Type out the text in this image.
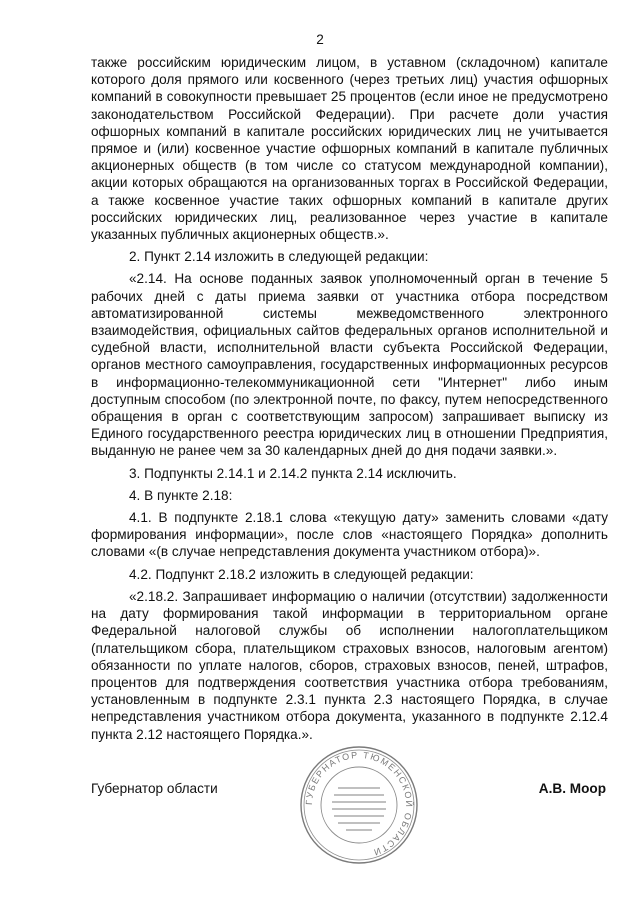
2

также российским юридическим лицом, в уставном (складочном) капитале которого доля прямого или косвенного (через третьих лиц) участия офшорных компаний в совокупности превышает 25 процентов (если иное не предусмотрено законодательством Российской Федерации). При расчете доли участия офшорных компаний в капитале российских юридических лиц не учитывается прямое и (или) косвенное участие офшорных компаний в капитале публичных акционерных обществ (в том числе со статусом международной компании), акции которых обращаются на организованных торгах в Российской Федерации, а также косвенное участие таких офшорных компаний в капитале других российских юридических лиц, реализованное через участие в капитале указанных публичных акционерных обществ.».

2. Пункт 2.14 изложить в следующей редакции:

«2.14. На основе поданных заявок уполномоченный орган в течение 5 рабочих дней с даты приема заявки от участника отбора посредством автоматизированной системы межведомственного электронного взаимодействия, официальных сайтов федеральных органов исполнительной и судебной власти, исполнительной власти субъекта Российской Федерации, органов местного самоуправления, государственных информационных ресурсов в информационно-телекоммуникационной сети "Интернет" либо иным доступным способом (по электронной почте, по факсу, путем непосредственного обращения в орган с соответствующим запросом) запрашивает выписку из Единого государственного реестра юридических лиц в отношении Предприятия, выданную не ранее чем за 30 календарных дней до дня подачи заявки.».

3. Подпункты 2.14.1 и 2.14.2 пункта 2.14 исключить.

4. В пункте 2.18:

4.1. В подпункте 2.18.1 слова «текущую дату» заменить словами «дату формирования информации», после слов «настоящего Порядка» дополнить словами «(в случае непредставления документа участником отбора)».

4.2. Подпункт 2.18.2 изложить в следующей редакции:

«2.18.2. Запрашивает информацию о наличии (отсутствии) задолженности на дату формирования такой информации в территориальном органе Федеральной налоговой службы об исполнении налогоплательщиком (плательщиком сбора, плательщиком страховых взносов, налоговым агентом) обязанности по уплате налогов, сборов, страховых взносов, пеней, штрафов, процентов для подтверждения соответствия участника отбора требованиям, установленным в подпункте 2.3.1 пункта 2.3 настоящего Порядка, в случае непредставления участником отбора документа, указанного в подпункте 2.12.4 пункта 2.12 настоящего Порядка.».

Губернатор области
ГУБЕРНАТОР ТЮМЕНСКОЙ ОБЛАСТИ
А.В. Моор
